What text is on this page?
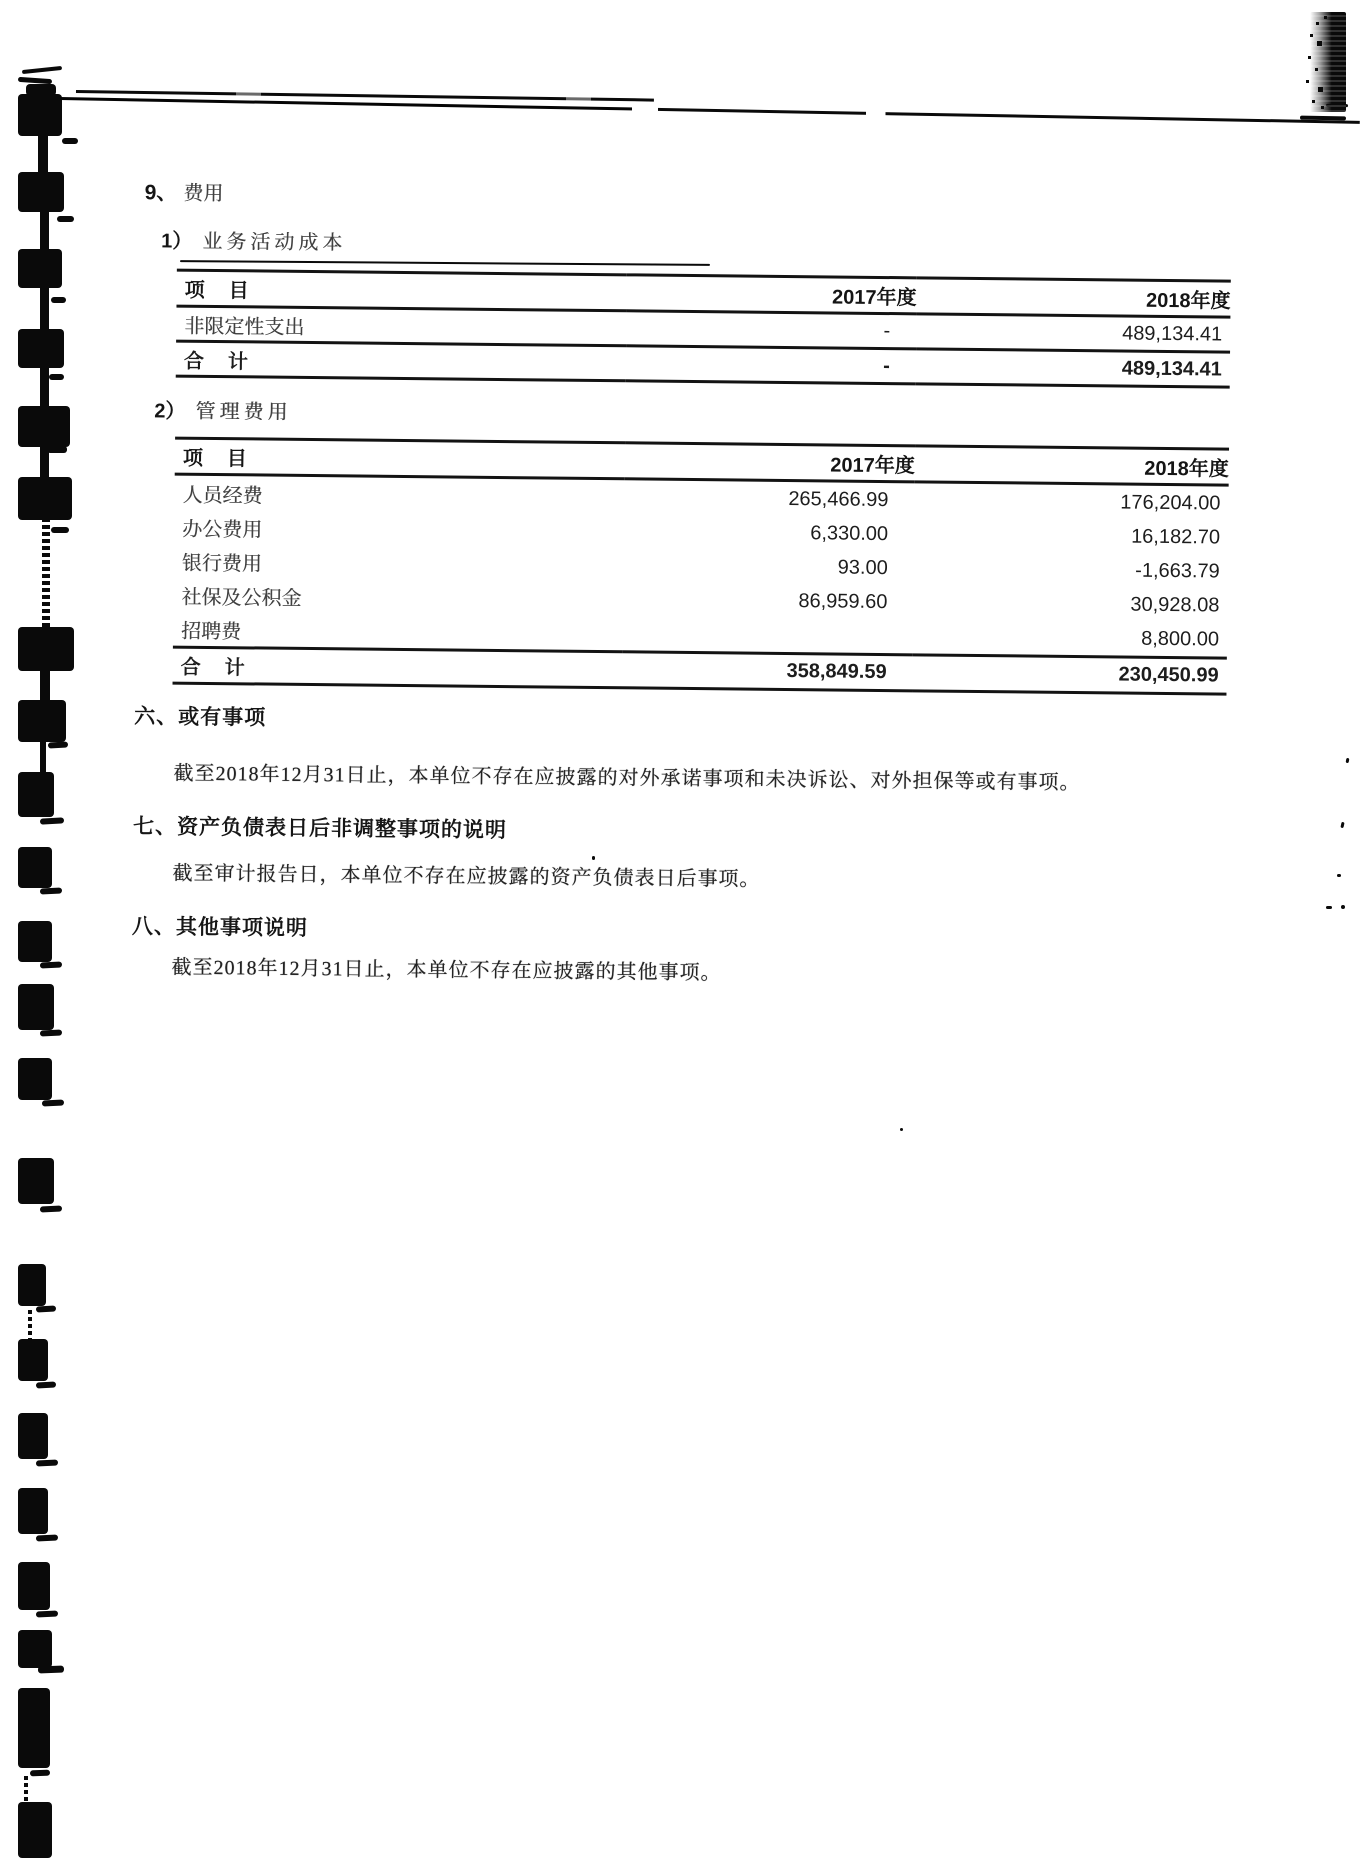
9、 费用
1） 业务活动成本
项　目	2017年度	2018年度
非限定性支出	-	489,134.41
合　计	-	489,134.41
2） 管理费用
项　目	2017年度	2018年度
人员经费	265,466.99	176,204.00
办公费用	6,330.00	16,182.70
银行费用	93.00	-1,663.79
社保及公积金	86,959.60	30,928.08
招聘费		8,800.00
合　计	358,849.59	230,450.99
六、或有事项
截至2018年12月31日止，本单位不存在应披露的对外承诺事项和未决诉讼、对外担保等或有事项。
七、资产负债表日后非调整事项的说明
截至审计报告日，本单位不存在应披露的资产负债表日后事项。
八、其他事项说明
截至2018年12月31日止，本单位不存在应披露的其他事项。
